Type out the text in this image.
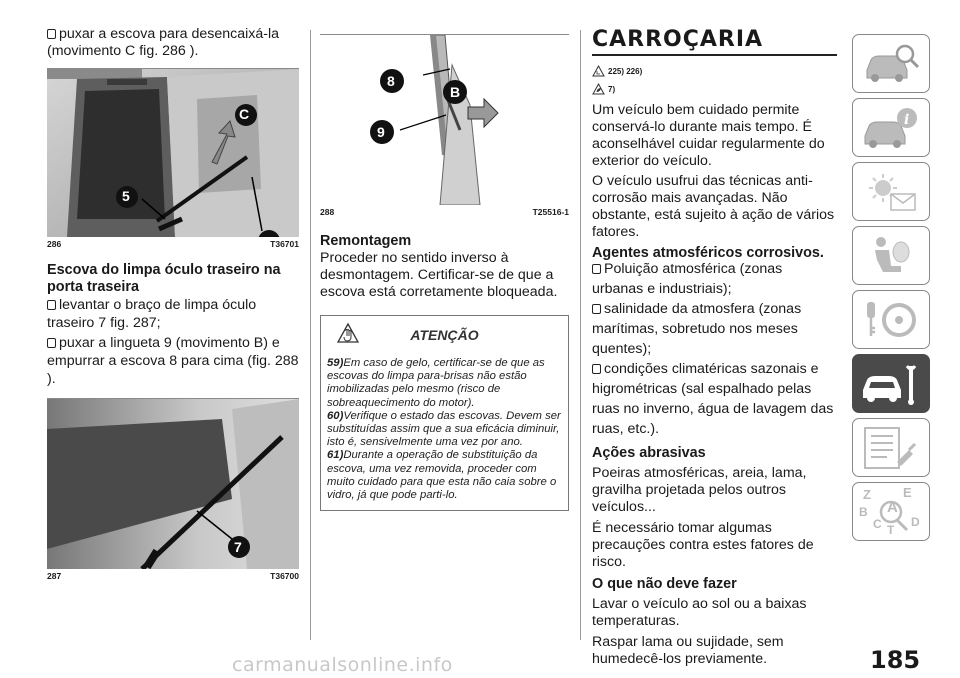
puxar a escova para desencaixá-la (movimento C fig. 286 ).
C
5
286	T36701
Escova do limpa óculo traseiro na porta traseira
levantar o braço de limpa óculo traseiro 7 fig. 287;
puxar a lingueta 9 (movimento B) e empurrar a escova 8 para cima (fig. 288 ).
7
287	T36700
8
9
B
288	T25516-1
Remontagem
Proceder no sentido inverso à desmontagem. Certificar-se de que a escova está corretamente bloqueada.
ATENÇÃO
59)Em caso de gelo, certificar-se de que as escovas do limpa para-brisas não estão imobilizadas pelo mesmo (risco de sobreaquecimento do motor).
60)Verifique o estado das escovas. Devem ser substituídas assim que a sua eficácia diminuir, isto é, sensivelmente uma vez por ano.
61)Durante a operação de substituição da escova, uma vez removida, proceder com muito cuidado para que esta não caia sobre o vidro, já que pode parti-lo.
CARROÇARIA
225) 226)
7)
Um veículo bem cuidado permite conservá-lo durante mais tempo. É aconselhável cuidar regularmente do exterior do veículo.
O veículo usufrui das técnicas anti-corrosão mais avançadas. Não obstante, está sujeito à ação de vários fatores.
Agentes atmosféricos corrosivos.
Poluição atmosférica (zonas urbanas e industriais);
salinidade da atmosfera (zonas marítimas, sobretudo nos meses quentes);
condições climatéricas sazonais e higrométricas (sal espalhado pelas ruas no inverno, água de lavagem das ruas, etc.).
Ações abrasivas
Poeiras atmosféricas, areia, lama, gravilha projetada pelos outros veículos...
É necessário tomar algumas precauções contra estes fatores de risco.
O que não deve fazer
Lavar o veículo ao sol ou a baixas temperaturas.
Raspar lama ou sujidade, sem humedecê-los previamente.
i
Z E
A
B
C T
D
185
carmanualsonline.info
